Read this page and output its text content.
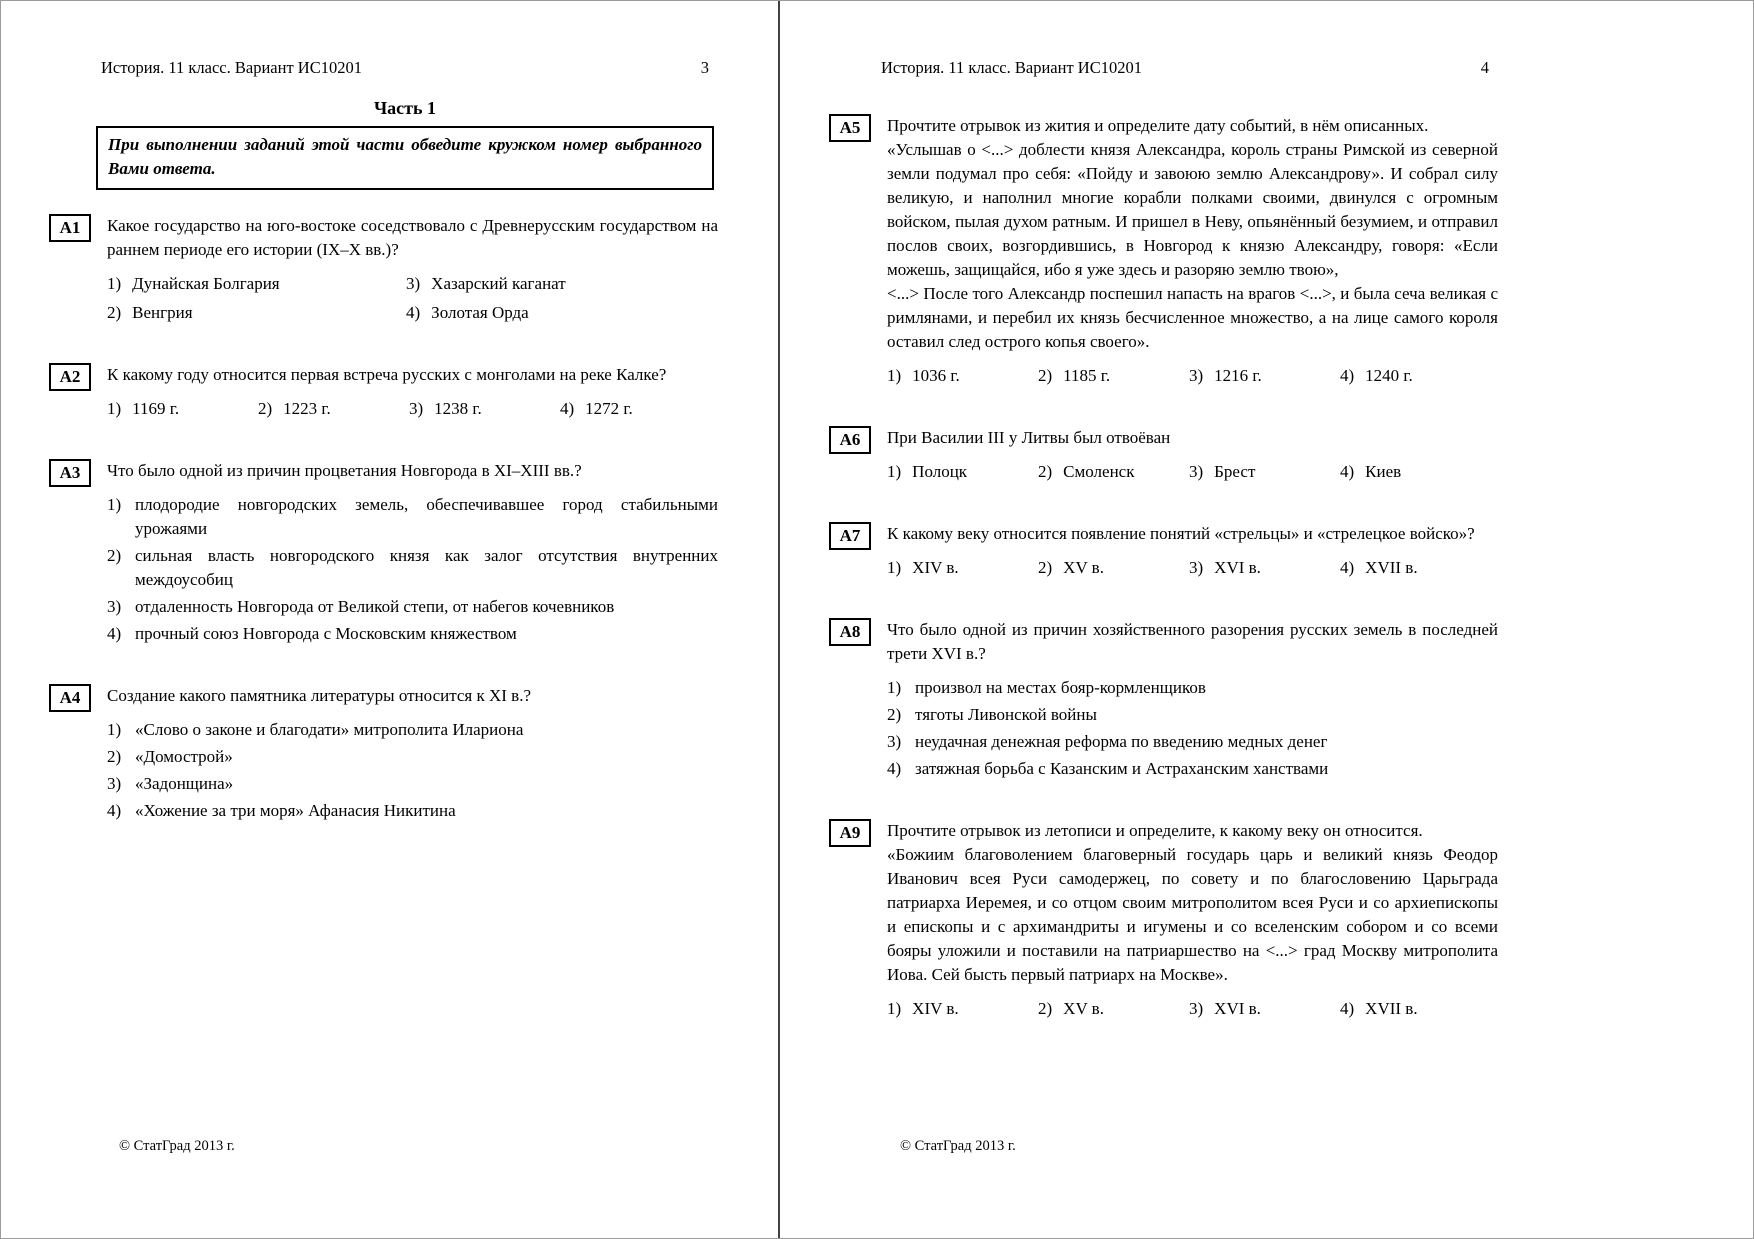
История. 11 класс. Вариант ИС10201	3
Часть 1
При выполнении заданий этой части обведите кружком номер выбранного Вами ответа.
А1	Какое государство на юго-востоке соседствовало с Древнерусским государством на раннем периоде его истории (IX–X вв.)?
1) Дунайская Болгария	3) Хазарский каганат
2) Венгрия	4) Золотая Орда
А2	К какому году относится первая встреча русских с монголами на реке Калке?
1) 1169 г.	2) 1223 г.	3) 1238 г.	4) 1272 г.
А3	Что было одной из причин процветания Новгорода в XI–XIII вв.?
1) плодородие новгородских земель, обеспечивавшее город стабильными урожаями
2) сильная власть новгородского князя как залог отсутствия внутренних междоусобиц
3) отдаленность Новгорода от Великой степи, от набегов кочевников
4) прочный союз Новгорода с Московским княжеством
А4	Создание какого памятника литературы относится к XI в.?
1) «Слово о законе и благодати» митрополита Илариона
2) «Домострой»
3) «Задонщина»
4) «Хожение за три моря» Афанасия Никитина
© СтатГрад 2013 г.
История. 11 класс. Вариант ИС10201	4
А5	Прочтите отрывок из жития и определите дату событий, в нём описанных.
«Услышав о <...> доблести князя Александра, король страны Римской из северной земли подумал про себя: «Пойду и завоюю землю Александрову». И собрал силу великую, и наполнил многие корабли полками своими, двинулся с огромным войском, пылая духом ратным. И пришел в Неву, опьянённый безумием, и отправил послов своих, возгордившись, в Новгород к князю Александру, говоря: «Если можешь, защищайся, ибо я уже здесь и разоряю землю твою»,
<...> После того Александр поспешил напасть на врагов <...>, и была сеча великая с римлянами, и перебил их князь бесчисленное множество, а на лице самого короля оставил след острого копья своего».
1) 1036 г.	2) 1185 г.	3) 1216 г.	4) 1240 г.
А6	При Василии III у Литвы был отвоёван
1) Полоцк	2) Смоленск	3) Брест	4) Киев
А7	К какому веку относится появление понятий «стрельцы» и «стрелецкое войско»?
1) XIV в.	2) XV в.	3) XVI в.	4) XVII в.
А8	Что было одной из причин хозяйственного разорения русских земель в последней трети XVI в.?
1) произвол на местах бояр-кормленщиков
2) тяготы Ливонской войны
3) неудачная денежная реформа по введению медных денег
4) затяжная борьба с Казанским и Астраханским ханствами
А9	Прочтите отрывок из летописи и определите, к какому веку он относится.
«Божиим благоволением благоверный государь царь и великий князь Феодор Иванович всея Руси самодержец, по совету и по благословению Царьграда патриарха Иеремея, и со отцом своим митрополитом всея Руси и со архиепископы и епископы и с архимандриты и игумены и со вселенским собором и со всеми бояры уложили и поставили на патриаршество на <...> град Москву митрополита Иова. Сей бысть первый патриарх на Москве».
1) XIV в.	2) XV в.	3) XVI в.	4) XVII в.
© СтатГрад 2013 г.
